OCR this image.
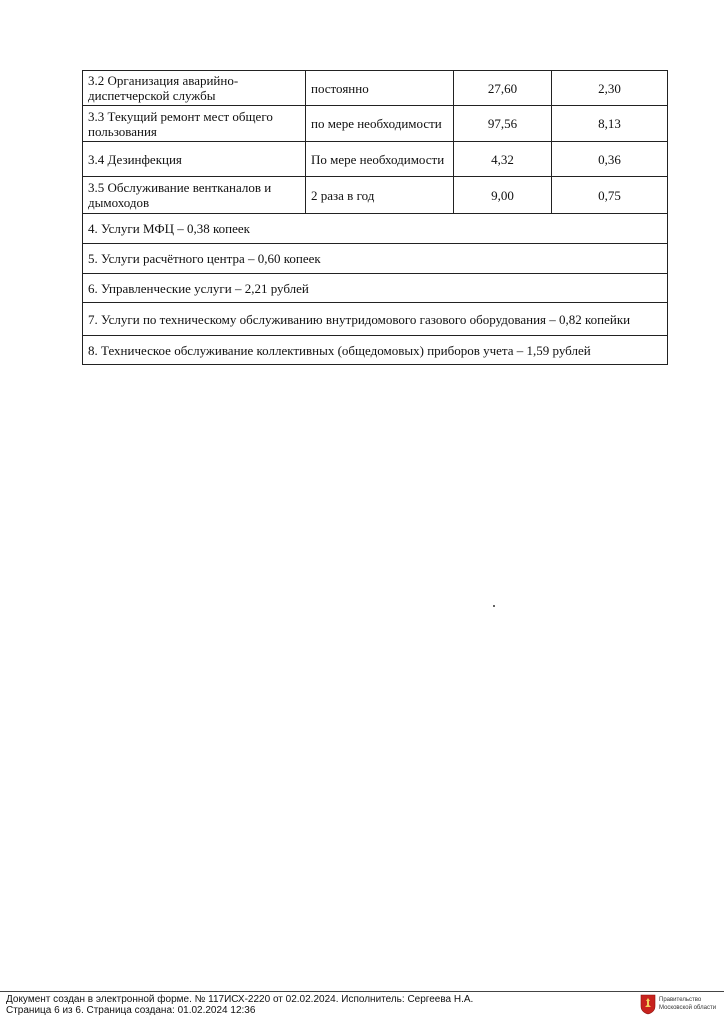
3.2 Организация аварийно-диспетчерской службы	постоянно	27,60	2,30
3.3 Текущий ремонт мест общего пользования	по мере необходимости	97,56	8,13
3.4 Дезинфекция	По мере необходимости	4,32	0,36
3.5 Обслуживание вентканалов и дымоходов	2 раза в год	9,00	0,75
4. Услуги МФЦ – 0,38 копеек			
5. Услуги расчётного центра – 0,60 копеек			
6. Управленческие услуги – 2,21 рублей			
7. Услуги по техническому обслуживанию внутридомового газового оборудования – 0,82 копейки			
8. Техническое обслуживание коллективных (общедомовых) приборов учета – 1,59 рублей			
Документ создан в электронной форме. № 117ИСХ-2220 от 02.02.2024. Исполнитель: Сергеева Н.А.
Страница 6 из 6. Страница создана: 01.02.2024 12:36
Правительство
Московской области
